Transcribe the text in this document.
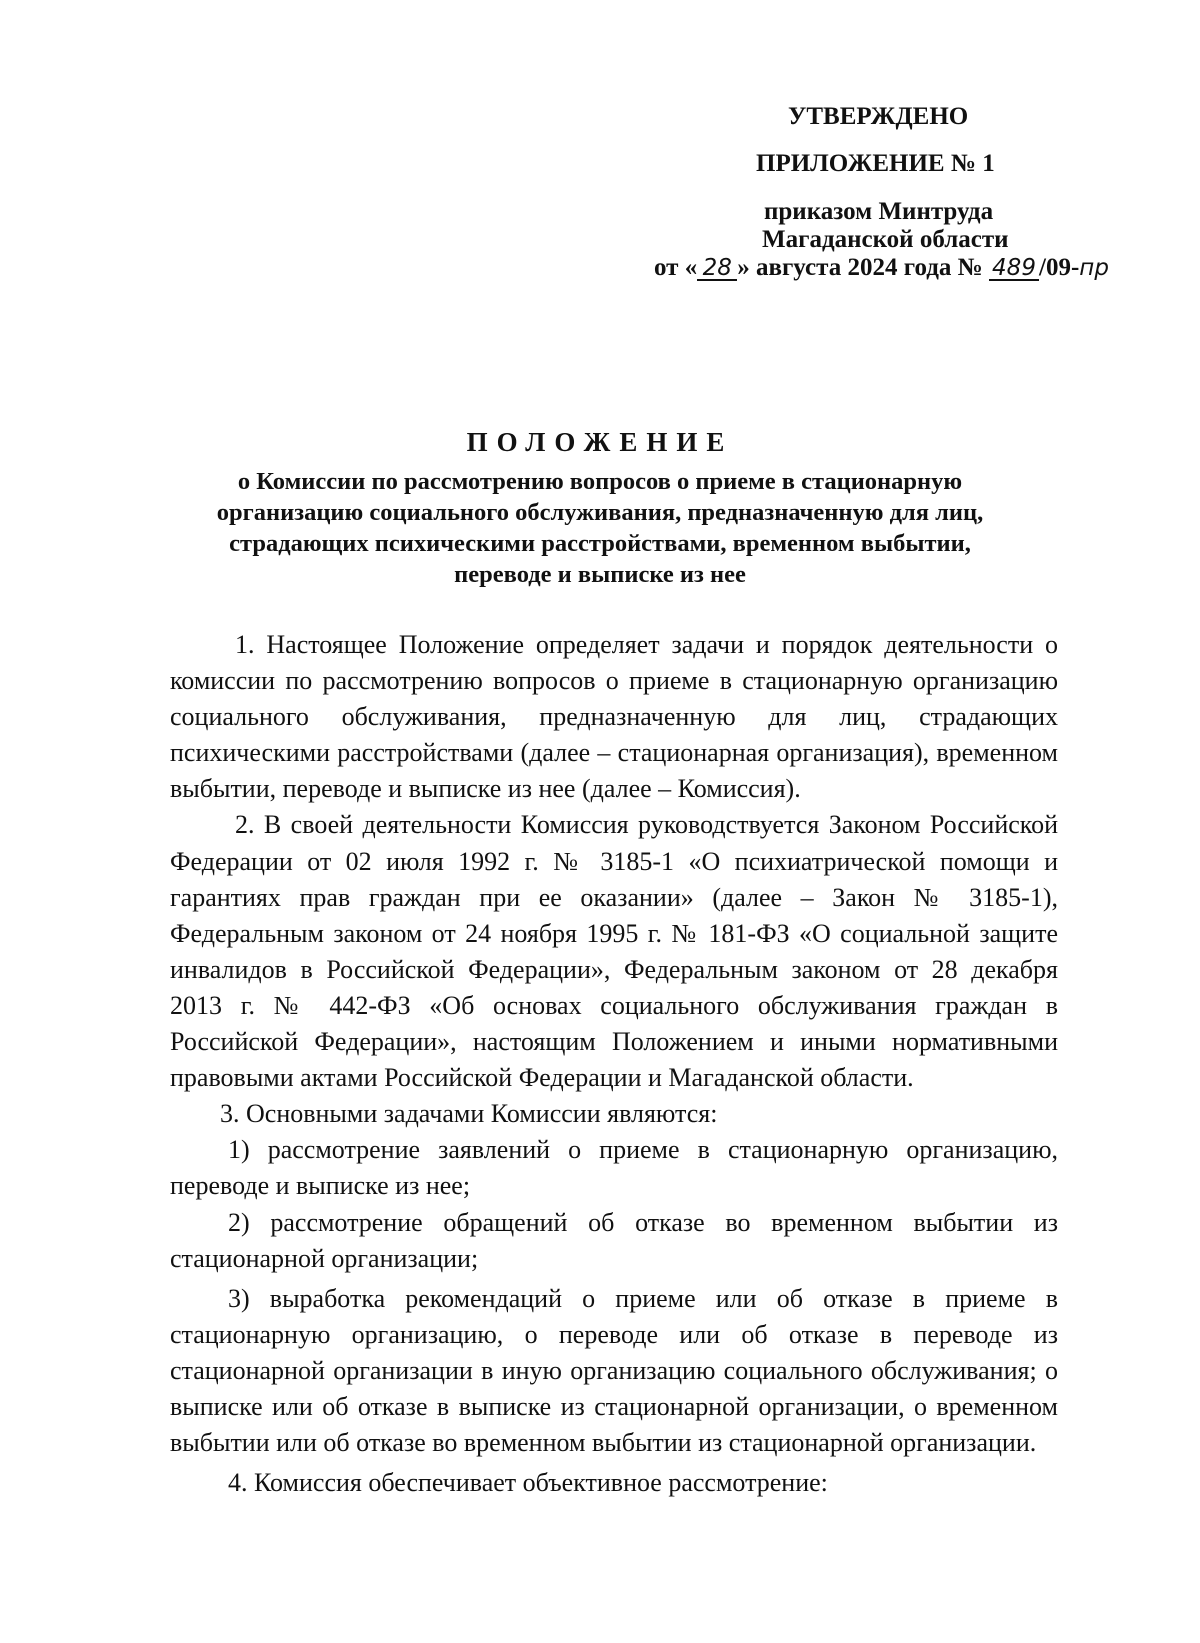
УТВЕРЖДЕНО
ПРИЛОЖЕНИЕ № 1
приказом Минтруда
Магаданской области
от « 28 » августа 2024 года № 489 /09-пр
ПОЛОЖЕНИЕ
о Комиссии по рассмотрению вопросов о приеме в стационарную
организацию социального обслуживания, предназначенную для лиц,
страдающих психическими расстройствами, временном выбытии,
переводе и выписке из нее

1. Настоящее Положение определяет задачи и порядок деятельности о комиссии по рассмотрению вопросов о приеме в стационарную организацию социального обслуживания, предназначенную для лиц, страдающих психическими расстройствами (далее – стационарная организация), временном выбытии, переводе и выписке из нее (далее – Комиссия).

2. В своей деятельности Комиссия руководствуется Законом Российской Федерации от 02 июля 1992 г. № 3185-1 «О психиатрической помощи и гарантиях прав граждан при ее оказании» (далее – Закон № 3185-1), Федеральным законом от 24 ноября 1995 г. № 181-ФЗ «О социальной защите инвалидов в Российской Федерации», Федеральным законом от 28 декабря 2013 г. № 442-ФЗ «Об основах социального обслуживания граждан в Российской Федерации», настоящим Положением и иными нормативными правовыми актами Российской Федерации и Магаданской области.

3. Основными задачами Комиссии являются:

1) рассмотрение заявлений о приеме в стационарную организацию, переводе и выписке из нее;

2) рассмотрение обращений об отказе во временном выбытии из стационарной организации;

3) выработка рекомендаций о приеме или об отказе в приеме в стационарную организацию, о переводе или об отказе в переводе из стационарной организации в иную организацию социального обслуживания; о выписке или об отказе в выписке из стационарной организации, о временном выбытии или об отказе во временном выбытии из стационарной организации.

4. Комиссия обеспечивает объективное рассмотрение:
